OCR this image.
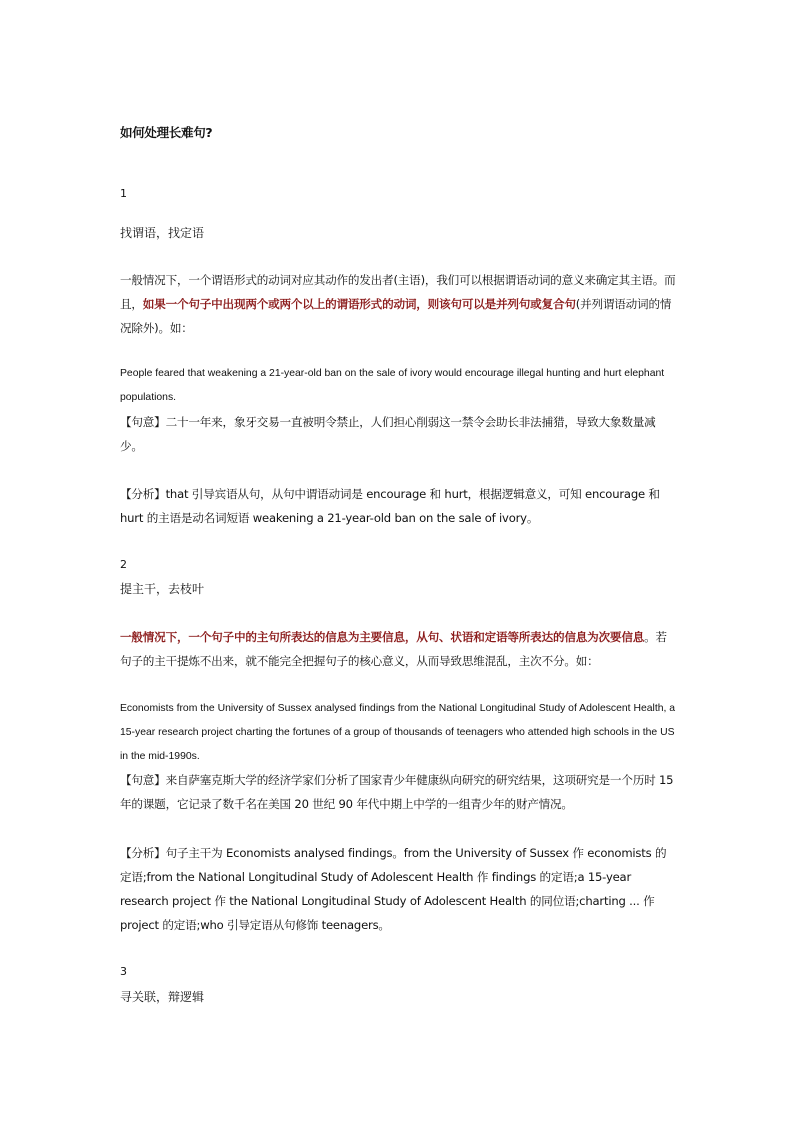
如何处理长难句?
1
找谓语，找定语
一般情况下，一个谓语形式的动词对应其动作的发出者(主语)，我们可以根据谓语动词的意义来确定其主语。而且，如果一个句子中出现两个或两个以上的谓语形式的动词，则该句可以是并列句或复合句(并列谓语动词的情况除外)。如：
People feared that weakening a 21-year-old ban on the sale of ivory would encourage illegal hunting and hurt elephant populations.
【句意】二十一年来，象牙交易一直被明令禁止，人们担心削弱这一禁令会助长非法捕猎，导致大象数量减少。
【分析】that 引导宾语从句，从句中谓语动词是 encourage 和 hurt，根据逻辑意义，可知 encourage 和 hurt 的主语是动名词短语 weakening a 21-year-old ban on the sale of ivory。
2
提主干，去枝叶
一般情况下，一个句子中的主句所表达的信息为主要信息，从句、状语和定语等所表达的信息为次要信息。若句子的主干提炼不出来，就不能完全把握句子的核心意义，从而导致思维混乱，主次不分。如：
Economists from the University of Sussex analysed findings from the National Longitudinal Study of Adolescent Health, a 15-year research project charting the fortunes of a group of thousands of teenagers who attended high schools in the US in the mid-1990s.
【句意】来自萨塞克斯大学的经济学家们分析了国家青少年健康纵向研究的研究结果，这项研究是一个历时 15 年的课题，它记录了数千名在美国 20 世纪 90 年代中期上中学的一组青少年的财产情况。
【分析】句子主干为 Economists analysed findings。from the University of Sussex 作 economists 的定语;from the National Longitudinal Study of Adolescent Health 作 findings 的定语;a 15-year research project 作 the National Longitudinal Study of Adolescent Health 的同位语;charting ... 作 project 的定语;who 引导定语从句修饰 teenagers。
3
寻关联，辩逻辑
